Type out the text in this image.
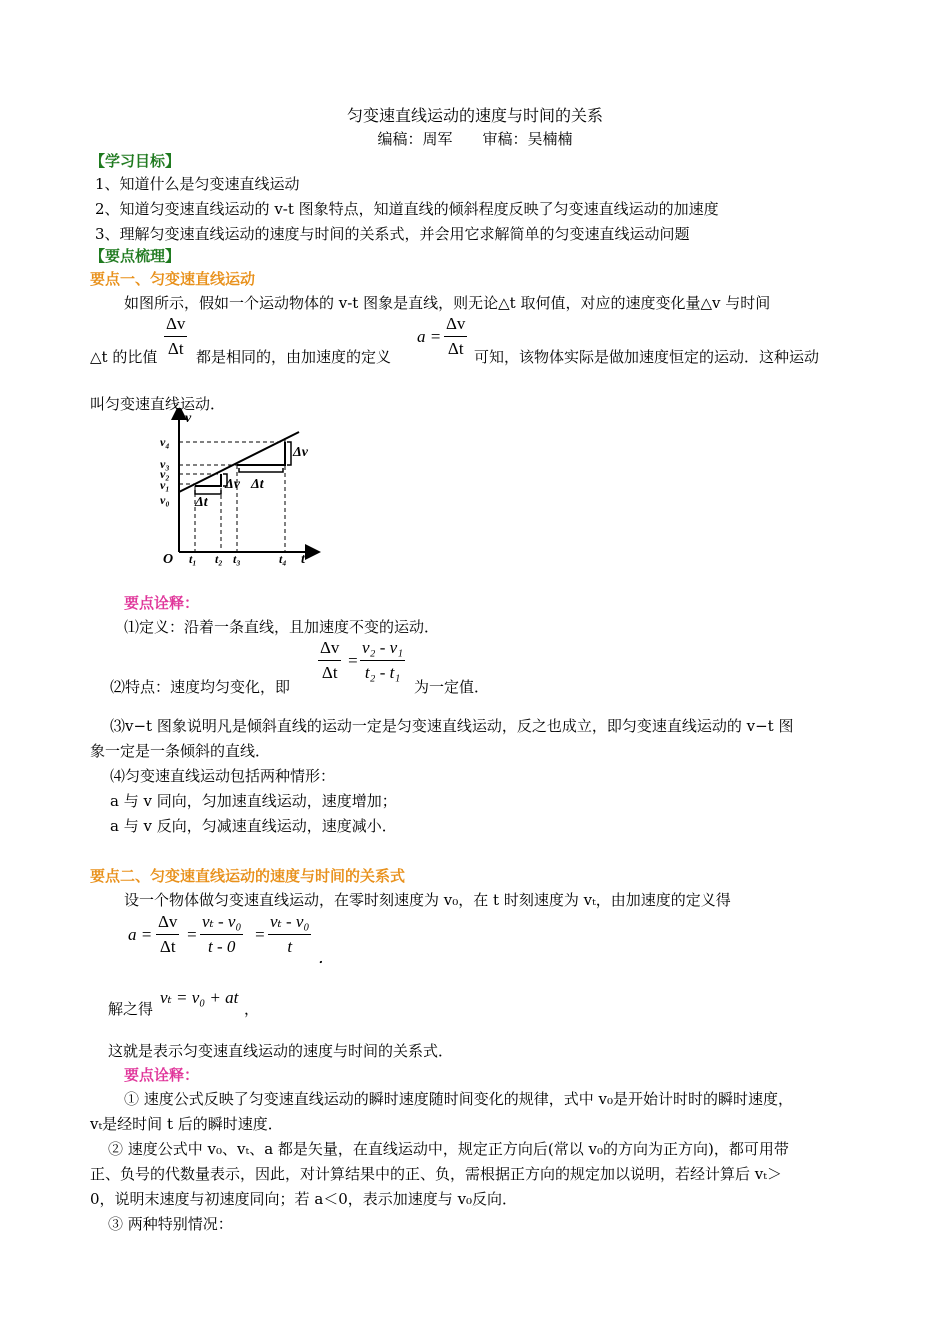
匀变速直线运动的速度与时间的关系
编稿：周军　　审稿：吴楠楠
【学习目标】
1、知道什么是匀变速直线运动
2、知道匀变速直线运动的 v-t 图象特点，知道直线的倾斜程度反映了匀变速直线运动的加速度
3、理解匀变速直线运动的速度与时间的关系式，并会用它求解简单的匀变速直线运动问题
【要点梳理】
要点一、匀变速直线运动
如图所示，假如一个运动物体的 v-t 图象是直线，则无论△t 取何值，对应的速度变化量△v 与时间
$\frac{\Delta v}{\Delta t}$	$a = \frac{\Delta v}{\Delta t}$
△t 的比值	都是相同的，由加速度的定义	可知，该物体实际是做加速度恒定的运动．这种运动
叫匀变速直线运动．
v
t
O
v₄
v₃
v₂
v₁
v₀
t₁ t₂ t₃	t₄
Δv
Δt
Δt
Δv
要点诠释：
⑴定义：沿着一条直线，且加速度不变的运动．
$\frac{\Delta v}{\Delta t} = \frac{\text{v₂ - v₁}}{\text{t₂ - t₁}}$
⑵特点：速度均匀变化，即	为一定值．
⑶v−t 图象说明凡是倾斜直线的运动一定是匀变速直线运动，反之也成立，即匀变速直线运动的 v−t 图
象一定是一条倾斜的直线．
⑷匀变速直线运动包括两种情形：
a 与 v 同向，匀加速直线运动，速度增加；
a 与 v 反向，匀减速直线运动，速度减小．
要点二、匀变速直线运动的速度与时间的关系式
设一个物体做匀变速直线运动，在零时刻速度为 v₀，在 t 时刻速度为 vₜ，由加速度的定义得
$a = \frac{\Delta v}{\Delta t} = \frac{\text{vₜ - v₀}}{t - 0} = \frac{\text{vₜ - v₀}}{t}$
．
解之得
vₜ = v₀ + at
，
这就是表示匀变速直线运动的速度与时间的关系式．
要点诠释：
① 速度公式反映了匀变速直线运动的瞬时速度随时间变化的规律，式中 v₀是开始计时时的瞬时速度，
vₜ是经时间 t 后的瞬时速度．
② 速度公式中 v₀、vₜ、a 都是矢量，在直线运动中，规定正方向后(常以 v₀的方向为正方向)，都可用带
正、负号的代数量表示，因此，对计算结果中的正、负，需根据正方向的规定加以说明，若经计算后 vₜ＞
0，说明末速度与初速度同向；若 a＜0，表示加速度与 v₀反向．
③ 两种特别情况：
